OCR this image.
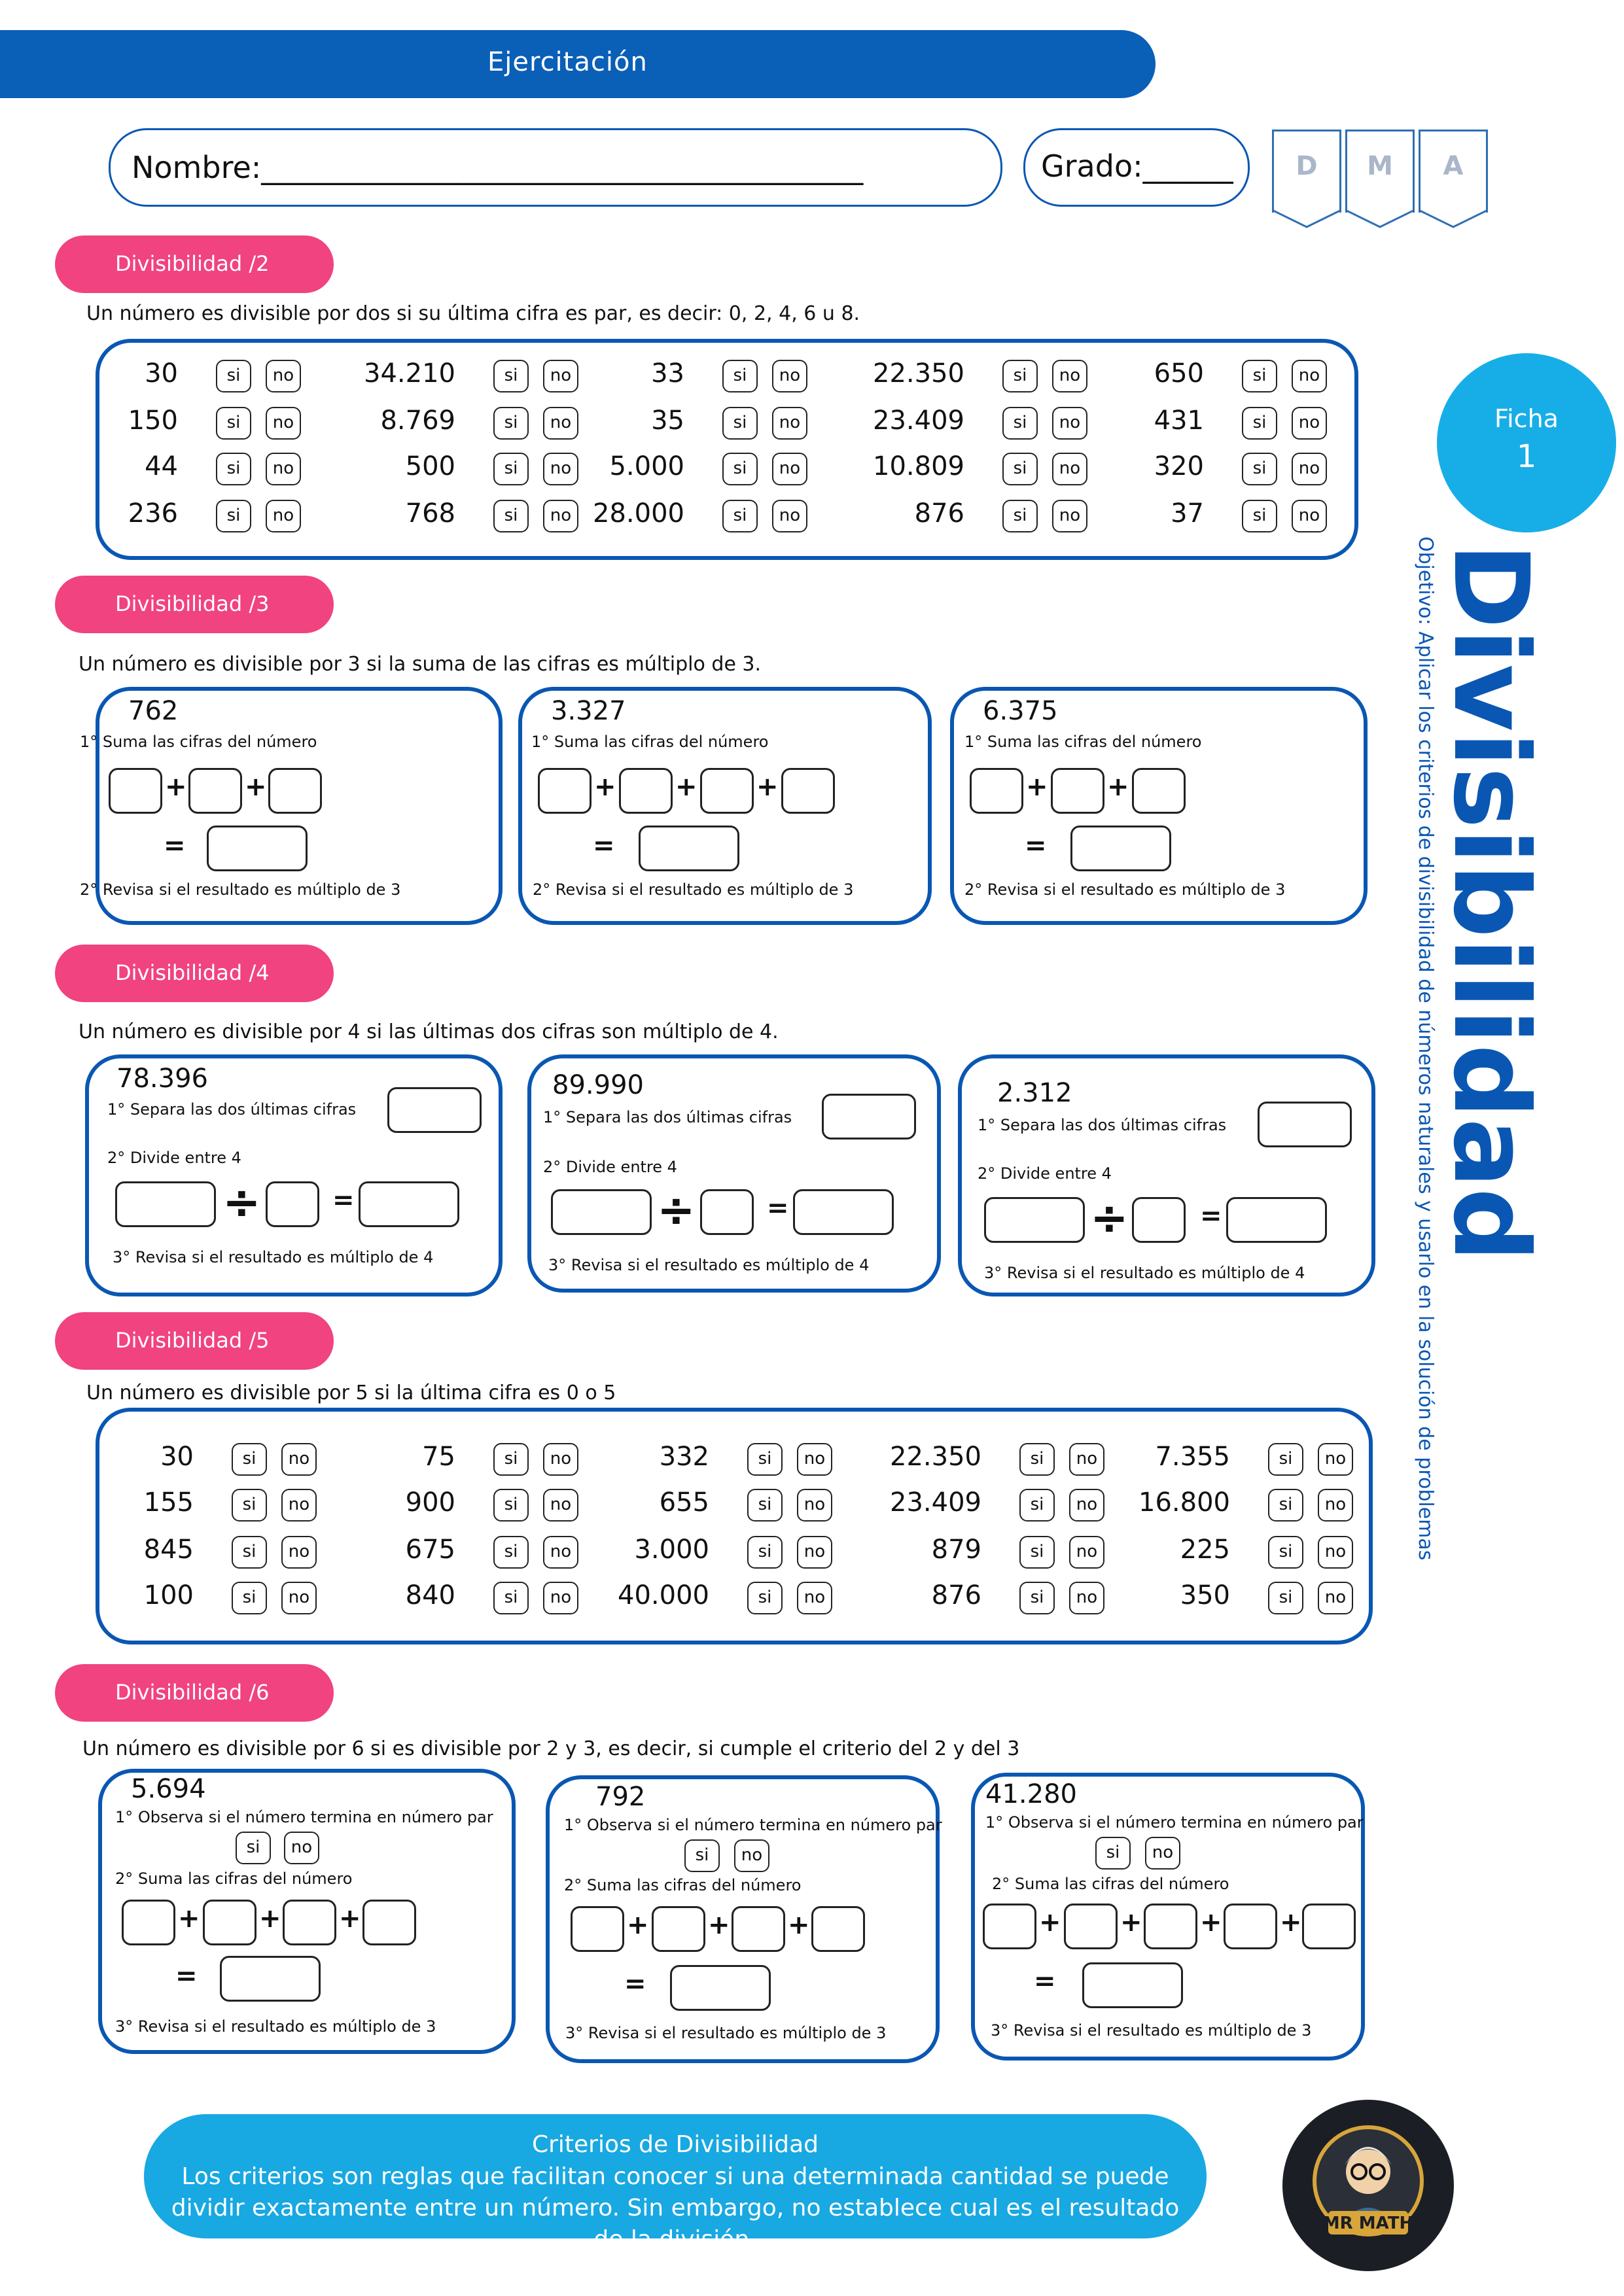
Ejercitación
Nombre:________________________________________	Grado:______	D	M	A
Ficha
1
Divisibilidad
Objetivo: Aplicar los criterios de divisibilidad de números naturales y usarlo en la solución de problemas
Divisibilidad /2
Un número es divisible por dos si su última cifra es par, es decir: 0, 2, 4, 6 u 8.
30	si	no
150	si	no
44	si	no
236	si	no
34.210	si	no
8.769	si	no
500	si	no
768	si	no
33	si	no
35	si	no
5.000	si	no
28.000	si	no
22.350	si	no
23.409	si	no
10.809	si	no
876	si	no
650	si	no
431	si	no
320	si	no
37	si	no
Divisibilidad /3
Un número es divisible por 3 si la suma de las cifras es múltiplo de 3.
762
1° Suma las cifras del número
+ +
=
2° Revisa si el resultado es múltiplo de 3
3.327
1° Suma las cifras del número
+ + +
=
2° Revisa si el resultado es múltiplo de 3
6.375
1° Suma las cifras del número
+ +
=
2° Revisa si el resultado es múltiplo de 3
Divisibilidad /4
Un número es divisible por 4 si las últimas dos cifras son múltiplo de 4.
78.396
1° Separa las dos últimas cifras
2° Divide entre 4
÷	=
3° Revisa si el resultado es múltiplo de 4
89.990
1° Separa las dos últimas cifras
2° Divide entre 4
÷	=
3° Revisa si el resultado es múltiplo de 4
2.312
1° Separa las dos últimas cifras
2° Divide entre 4
÷	=
3° Revisa si el resultado es múltiplo de 4
Divisibilidad /5
Un número es divisible por 5 si la última cifra es 0 o 5
30	si	no
155	si	no
845	si	no
100	si	no
75	si	no
900	si	no
675	si	no
840	si	no
332	si	no
655	si	no
3.000	si	no
40.000	si	no
22.350	si	no
23.409	si	no
879	si	no
876	si	no
7.355	si	no
16.800	si	no
225	si	no
350	si	no
Divisibilidad /6
Un número es divisible por 6 si es divisible por 2 y 3, es decir, si cumple el criterio del 2 y del 3
5.694
1° Observa si el número termina en número par
si	no
2° Suma las cifras del número
+ + +
=
3° Revisa si el resultado es múltiplo de 3
792
1° Observa si el número termina en número par
si	no
2° Suma las cifras del número
+ + +
=
3° Revisa si el resultado es múltiplo de 3
41.280
1° Observa si el número termina en número par
si	no
2° Suma las cifras del número
+ + + +
=
3° Revisa si el resultado es múltiplo de 3
Criterios de Divisibilidad
Los criterios son reglas que facilitan conocer si una determinada cantidad se puede dividir exactamente entre un número. Sin embargo, no establece cual es el resultado de la división.
MR MATH
